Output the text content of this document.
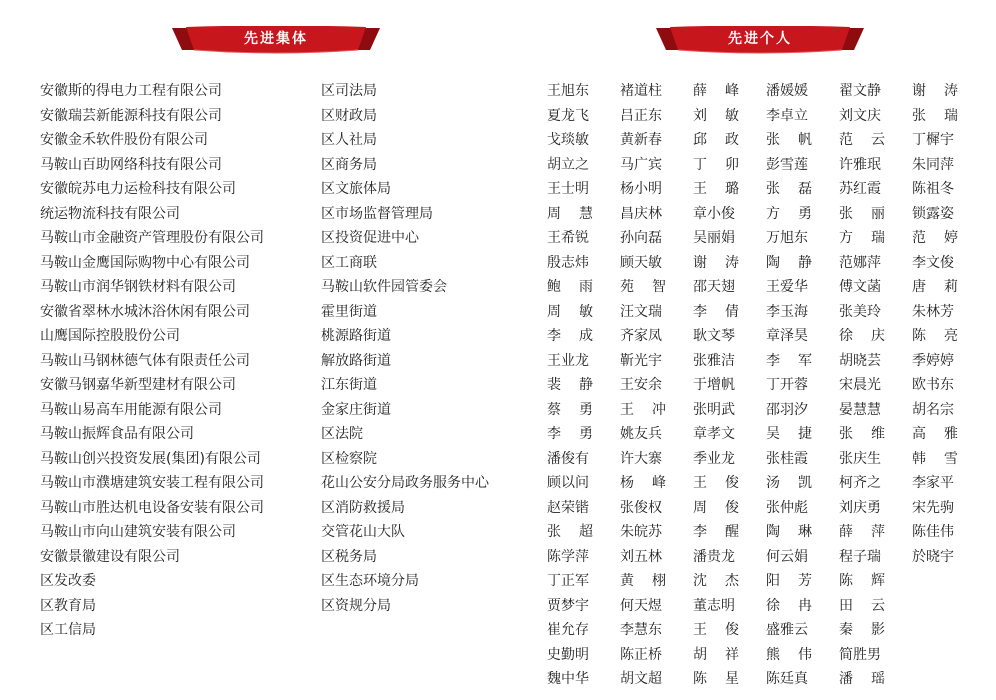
先进集体	先进个人
安徽斯的得电力工程有限公司
安徽瑞芸新能源科技有限公司
安徽金禾软件股份有限公司
马鞍山百助网络科技有限公司
安徽皖苏电力运检科技有限公司
统运物流科技有限公司
马鞍山市金融资产管理股份有限公司
马鞍山金鹰国际购物中心有限公司
马鞍山市润华钢铁材料有限公司
安徽省翠林水城沐浴休闲有限公司
山鹰国际控股股份公司
马鞍山马钢林德气体有限责任公司
安徽马钢嘉华新型建材有限公司
马鞍山易高车用能源有限公司
马鞍山振辉食品有限公司
马鞍山创兴投资发展(集团)有限公司
马鞍山市濮塘建筑安装工程有限公司
马鞍山市胜达机电设备安装有限公司
马鞍山市向山建筑安装有限公司
安徽景徽建设有限公司
区发改委
区教育局
区工信局
区司法局
区财政局
区人社局
区商务局
区文旅体局
区市场监督管理局
区投资促进中心
区工商联
马鞍山软件园管委会
霍里街道
桃源路街道
解放路街道
江东街道
金家庄街道
区法院
区检察院
花山公安分局政务服务中心
区消防救援局
交管花山大队
区税务局
区生态环境分局
区资规分局
王旭东 褚道柱 薛峰 潘媛媛 翟文静 谢涛
夏龙飞 吕正东 刘敏 李卓立 刘文庆 张瑞
戈琰敏 黄新春 邱政 张帆 范云 丁樨宇
胡立之 马广宾 丁卯 彭雪莲 许雅珉 朱同萍
王士明 杨小明 王璐 张磊 苏红霞 陈祖冬
周慧 昌庆林 章小俊 方勇 张丽 锁露姿
王希锐 孙向磊 吴丽娟 万旭东 方瑞 范婷
殷志炜 顾天敏 谢涛 陶静 范娜萍 李文俊
鲍雨 苑智 邵天翅 王爱华 傅文菡 唐莉
周敏 汪文瑞 李倩 李玉海 张美玲 朱林芳
李成 齐家凤 耿文琴 章泽昊 徐庆 陈亮
王业龙 靳光宇 张雅洁 李军 胡晓芸 季婷婷
裴静 王安余 于增帆 丁开蓉 宋晨光 欧书东
蔡勇 王冲 张明武 邵羽汐 晏慧慧 胡名宗
李勇 姚友兵 章孝文 吴捷 张维 高雅
潘俊有 许大寨 季业龙 张桂霞 张庆生 韩雪
顾以问 杨峰 王俊 汤凯 柯齐之 李家平
赵荣锴 张俊权 周俊 张仲彪 刘庆勇 宋先驹
张超 朱皖苏 李醒 陶琳 薛萍 陈佳伟
陈学萍 刘五林 潘贵龙 何云娟 程子瑞 於晓宇
丁正军 黄栩 沈杰 阳芳 陈辉
贾梦宇 何天煜 董志明 徐冉 田云
崔允存 李慧东 王俊 盛雅云 秦影
史勤明 陈正桥 胡祥 熊伟 简胜男
魏中华 胡文超 陈星 陈廷真 潘瑶
